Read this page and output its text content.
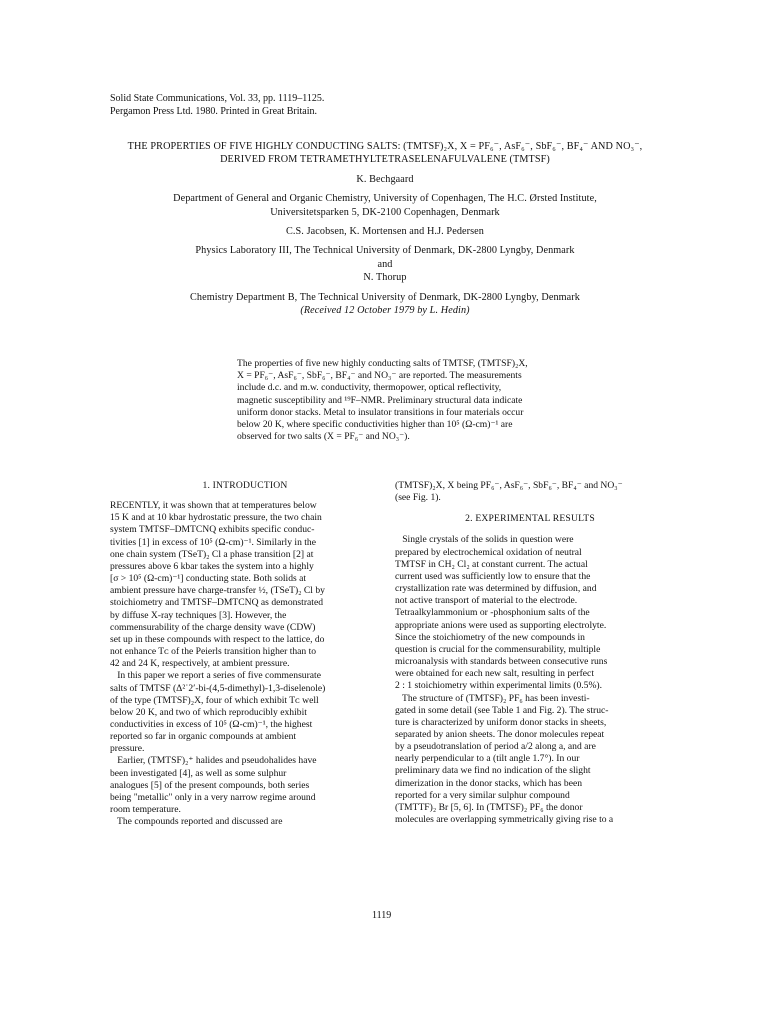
Solid State Communications, Vol. 33, pp. 1119–1125.
Pergamon Press Ltd. 1980. Printed in Great Britain.
THE PROPERTIES OF FIVE HIGHLY CONDUCTING SALTS: (TMTSF)₂X, X = PF₆⁻, AsF₆⁻, SbF₆⁻, BF₄⁻ AND NO₃⁻,
DERIVED FROM TETRAMETHYLTETRASELENAFULVALENE (TMTSF)
K. Bechgaard
Department of General and Organic Chemistry, University of Copenhagen, The H.C. Ørsted Institute,
Universitetsparken 5, DK-2100 Copenhagen, Denmark
C.S. Jacobsen, K. Mortensen and H.J. Pedersen
Physics Laboratory III, The Technical University of Denmark, DK-2800 Lyngby, Denmark
and
N. Thorup
Chemistry Department B, The Technical University of Denmark, DK-2800 Lyngby, Denmark
(Received 12 October 1979 by L. Hedin)
The properties of five new highly conducting salts of TMTSF, (TMTSF)₂X,
X = PF₆⁻, AsF₆⁻, SbF₆⁻, BF₄⁻ and NO₃⁻ are reported. The measurements
include d.c. and m.w. conductivity, thermopower, optical reflectivity,
magnetic susceptibility and ¹⁹F–NMR. Preliminary structural data indicate
uniform donor stacks. Metal to insulator transitions in four materials occur
below 20 K, where specific conductivities higher than 10⁵ (Ω-cm)⁻¹ are
observed for two salts (X = PF₆⁻ and NO₃⁻).
1. INTRODUCTION
RECENTLY, it was shown that at temperatures below
15 K and at 10 kbar hydrostatic pressure, the two chain
system TMTSF–DMTCNQ exhibits specific conduc-
tivities [1] in excess of 10⁵ (Ω-cm)⁻¹. Similarly in the
one chain system (TSeT)₂ Cl a phase transition [2] at
pressures above 6 kbar takes the system into a highly
[σ > 10⁵ (Ω-cm)⁻¹] conducting state. Both solids at
ambient pressure have charge-transfer ½, (TSeT)₂ Cl by
stoichiometry and TMTSF–DMTCNQ as demonstrated
by diffuse X-ray techniques [3]. However, the
commensurability of the charge density wave (CDW)
set up in these compounds with respect to the lattice, do
not enhance Tᴄ of the Peierls transition higher than to
42 and 24 K, respectively, at ambient pressure.
In this paper we report a series of five commensurate
salts of TMTSF (Δ²˙2′-bi-(4,5-dimethyl)-1,3-diselenole)
of the type (TMTSF)₂X, four of which exhibit Tᴄ well
below 20 K, and two of which reproducibly exhibit
conductivities in excess of 10⁵ (Ω-cm)⁻¹, the highest
reported so far in organic compounds at ambient
pressure.
Earlier, (TMTSF)₂⁺ halides and pseudohalides have
been investigated [4], as well as some sulphur
analogues [5] of the present compounds, both series
being "metallic" only in a very narrow regime around
room temperature.
The compounds reported and discussed are
(TMTSF)₂X, X being PF₆⁻, AsF₆⁻, SbF₆⁻, BF₄⁻ and NO₃⁻
(see Fig. 1).
2. EXPERIMENTAL RESULTS
Single crystals of the solids in question were
prepared by electrochemical oxidation of neutral
TMTSF in CH₂ Cl₂ at constant current. The actual
current used was sufficiently low to ensure that the
crystallization rate was determined by diffusion, and
not active transport of material to the electrode.
Tetraalkylammonium or -phosphonium salts of the
appropriate anions were used as supporting electrolyte.
Since the stoichiometry of the new compounds in
question is crucial for the commensurability, multiple
microanalysis with standards between consecutive runs
were obtained for each new salt, resulting in perfect
2 : 1 stoichiometry within experimental limits (0.5%).
The structure of (TMTSF)₂ PF₆ has been investi-
gated in some detail (see Table 1 and Fig. 2). The struc-
ture is characterized by uniform donor stacks in sheets,
separated by anion sheets. The donor molecules repeat
by a pseudotranslation of period a/2 along a, and are
nearly perpendicular to a (tilt angle 1.7°). In our
preliminary data we find no indication of the slight
dimerization in the donor stacks, which has been
reported for a very similar sulphur compound
(TMTTF)₂ Br [5, 6]. In (TMTSF)₂ PF₆ the donor
molecules are overlapping symmetrically giving rise to a
1119
